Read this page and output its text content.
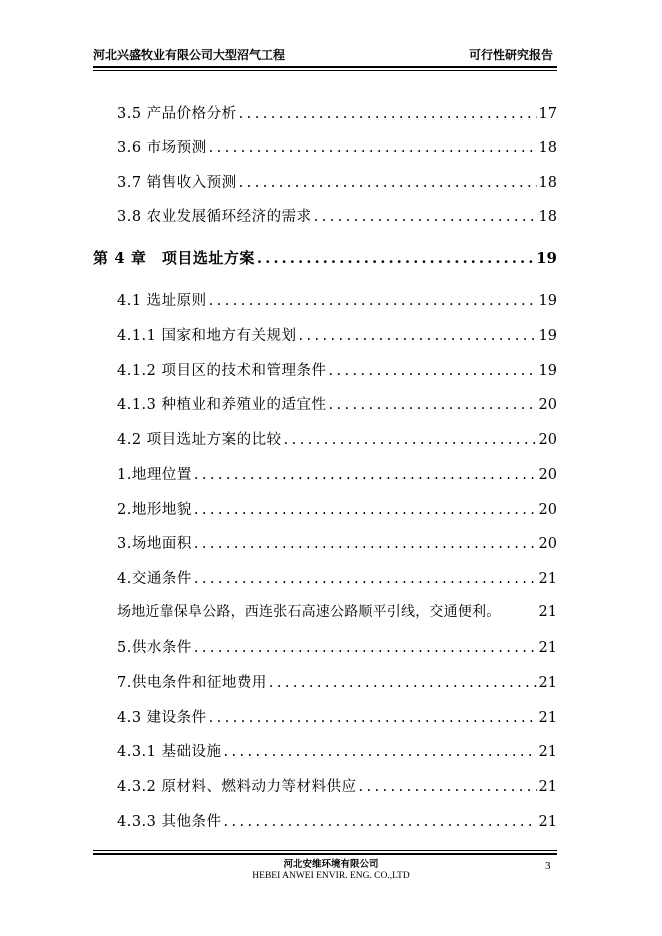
河北兴盛牧业有限公司大型沼气工程	可行性研究报告
3.5 产品价格分析 .....	17
3.6 市场预测 .....	18
3.7 销售收入预测 .....	18
3.8 农业发展循环经济的需求 .....	18
第 4 章　项目选址方案 .....	19
4.1 选址原则 .....	19
4.1.1 国家和地方有关规划 .....	19
4.1.2 项目区的技术和管理条件 .....	19
4.1.3 种植业和养殖业的适宜性 .....	20
4.2 项目选址方案的比较 .....	20
1.地理位置 .....	20
2.地形地貌 .....	20
3.场地面积 .....	20
4.交通条件 .....	21
场地近靠保阜公路，西连张石高速公路顺平引线，交通便利。	21
5.供水条件 .....	21
7.供电条件和征地费用 .....	21
4.3 建设条件 .....	21
4.3.1 基础设施 .....	21
4.3.2 原材料、燃料动力等材料供应 .....	21
4.3.3 其他条件 .....	21
河北安维环境有限公司
HEBEI ANWEI ENVIR. ENG. CO.,LTD
3
